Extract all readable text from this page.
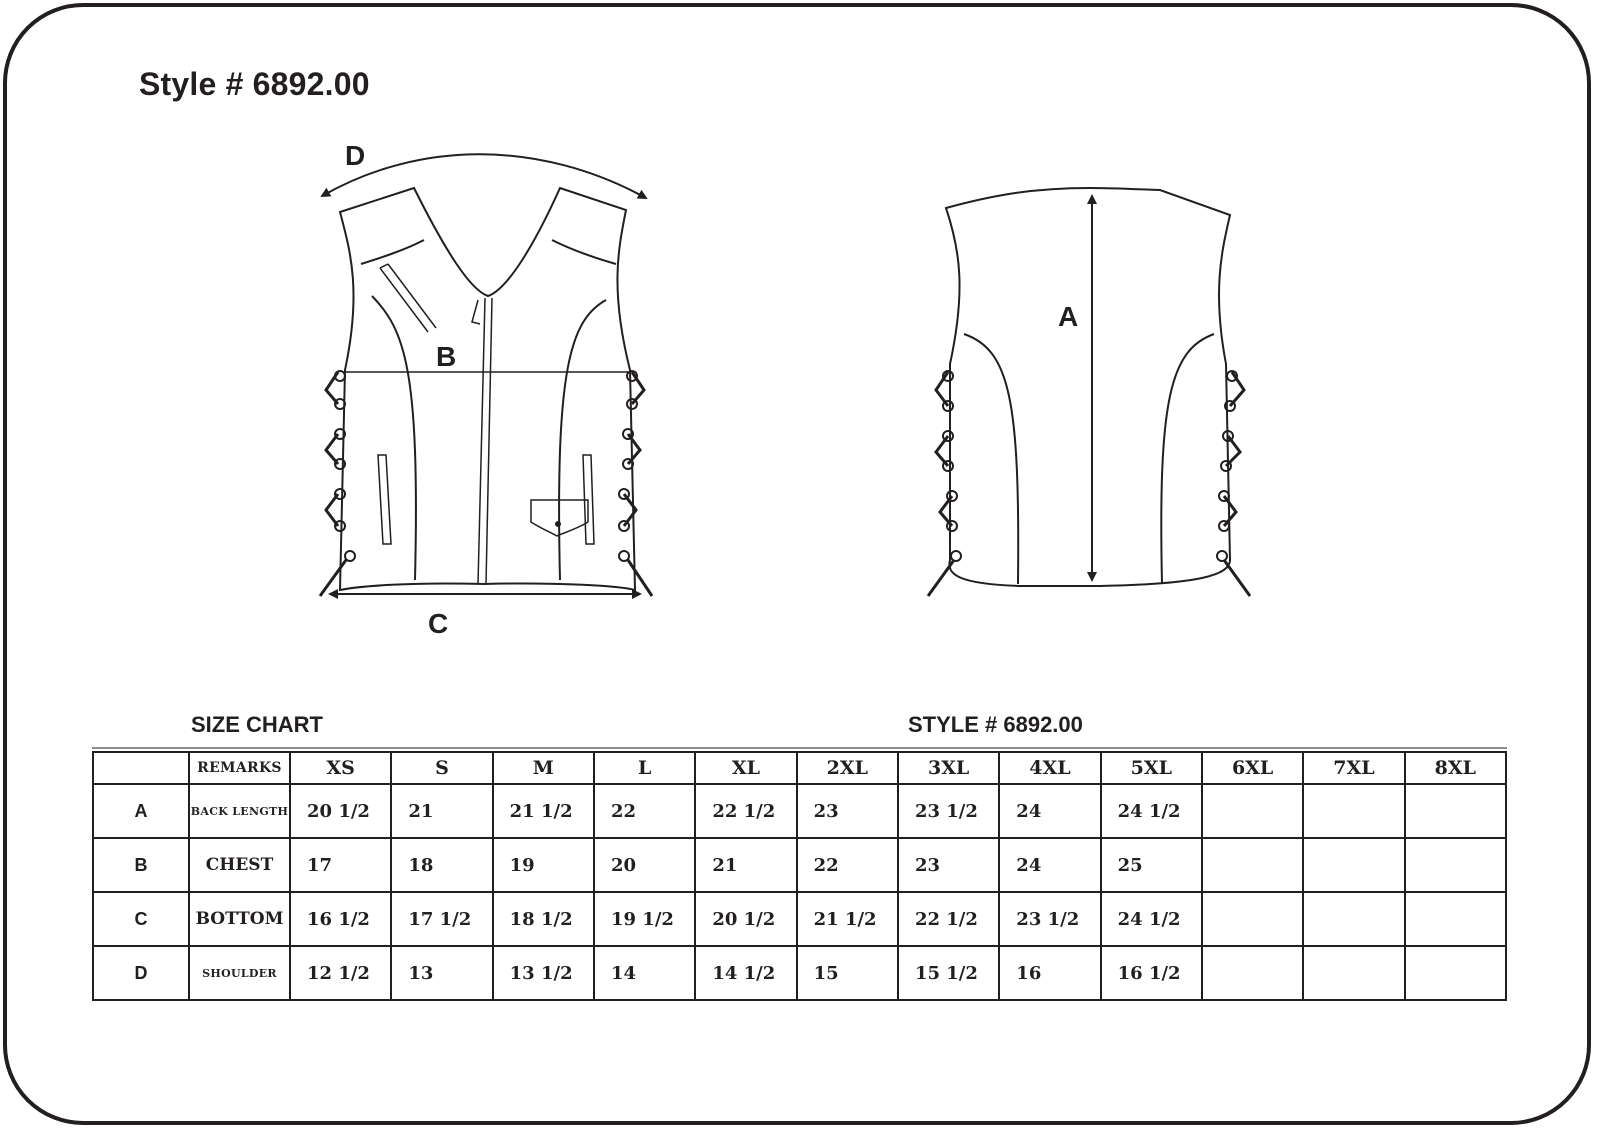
Style # 6892.00
D
B
C
A
SIZE CHART	STYLE # 6892.00
	REMARKS	XS	S	M	L	XL	2XL	3XL	4XL	5XL	6XL	7XL	8XL
A	BACK LENGTH	20 1/2	21	21 1/2	22	22 1/2	23	23 1/2	24	24 1/2			
B	CHEST	17	18	19	20	21	22	23	24	25			
C	BOTTOM	16 1/2	17 1/2	18 1/2	19 1/2	20 1/2	21 1/2	22 1/2	23 1/2	24 1/2			
D	SHOULDER	12 1/2	13	13 1/2	14	14 1/2	15	15 1/2	16	16 1/2			
